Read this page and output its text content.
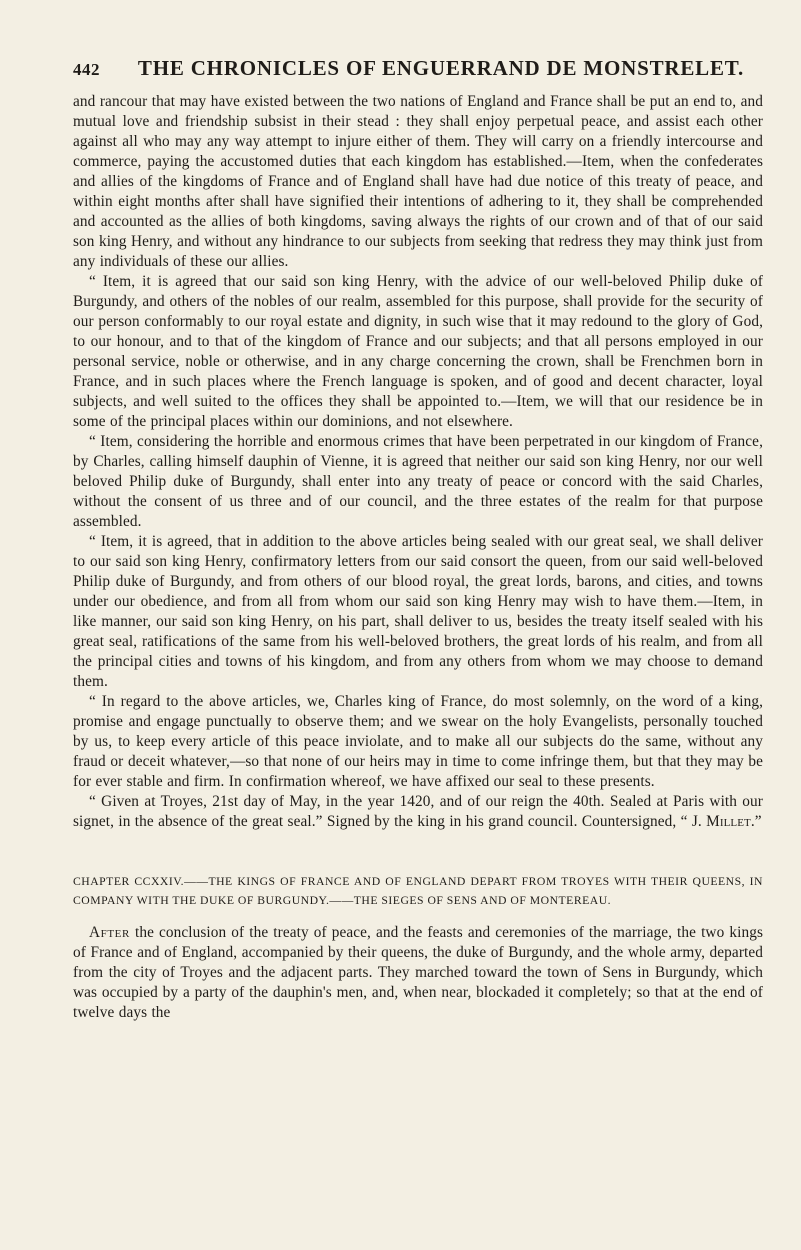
442 THE CHRONICLES OF ENGUERRAND DE MONSTRELET.

and rancour that may have existed between the two nations of England and France shall be put an end to, and mutual love and friendship subsist in their stead : they shall enjoy perpetual peace, and assist each other against all who may any way attempt to injure either of them. They will carry on a friendly intercourse and commerce, paying the accustomed duties that each kingdom has established.—Item, when the confederates and allies of the kingdoms of France and of England shall have had due notice of this treaty of peace, and within eight months after shall have signified their intentions of adhering to it, they shall be comprehended and accounted as the allies of both kingdoms, saving always the rights of our crown and of that of our said son king Henry, and without any hindrance to our subjects from seeking that redress they may think just from any individuals of these our allies.

“ Item, it is agreed that our said son king Henry, with the advice of our well-beloved Philip duke of Burgundy, and others of the nobles of our realm, assembled for this purpose, shall provide for the security of our person conformably to our royal estate and dignity, in such wise that it may redound to the glory of God, to our honour, and to that of the kingdom of France and our subjects; and that all persons employed in our personal service, noble or otherwise, and in any charge concerning the crown, shall be Frenchmen born in France, and in such places where the French language is spoken, and of good and decent character, loyal subjects, and well suited to the offices they shall be appointed to.—Item, we will that our residence be in some of the principal places within our dominions, and not elsewhere.

“ Item, considering the horrible and enormous crimes that have been perpetrated in our kingdom of France, by Charles, calling himself dauphin of Vienne, it is agreed that neither our said son king Henry, nor our well beloved Philip duke of Burgundy, shall enter into any treaty of peace or concord with the said Charles, without the consent of us three and of our council, and the three estates of the realm for that purpose assembled.

“ Item, it is agreed, that in addition to the above articles being sealed with our great seal, we shall deliver to our said son king Henry, confirmatory letters from our said consort the queen, from our said well-beloved Philip duke of Burgundy, and from others of our blood royal, the great lords, barons, and cities, and towns under our obedience, and from all from whom our said son king Henry may wish to have them.—Item, in like manner, our said son king Henry, on his part, shall deliver to us, besides the treaty itself sealed with his great seal, ratifications of the same from his well-beloved brothers, the great lords of his realm, and from all the principal cities and towns of his kingdom, and from any others from whom we may choose to demand them.

“ In regard to the above articles, we, Charles king of France, do most solemnly, on the word of a king, promise and engage punctually to observe them; and we swear on the holy Evangelists, personally touched by us, to keep every article of this peace inviolate, and to make all our subjects do the same, without any fraud or deceit whatever,—so that none of our heirs may in time to come infringe them, but that they may be for ever stable and firm. In confirmation whereof, we have affixed our seal to these presents.

“ Given at Troyes, 21st day of May, in the year 1420, and of our reign the 40th. Sealed at Paris with our signet, in the absence of the great seal.” Signed by the king in his grand council. Countersigned, “ J. Millet.”

CHAPTER CCXXIV.——THE KINGS OF FRANCE AND OF ENGLAND DEPART FROM TROYES WITH THEIR QUEENS, IN COMPANY WITH THE DUKE OF BURGUNDY.——THE SIEGES OF SENS AND OF MONTEREAU.

After the conclusion of the treaty of peace, and the feasts and ceremonies of the marriage, the two kings of France and of England, accompanied by their queens, the duke of Burgundy, and the whole army, departed from the city of Troyes and the adjacent parts. They marched toward the town of Sens in Burgundy, which was occupied by a party of the dauphin's men, and, when near, blockaded it completely; so that at the end of twelve days the
